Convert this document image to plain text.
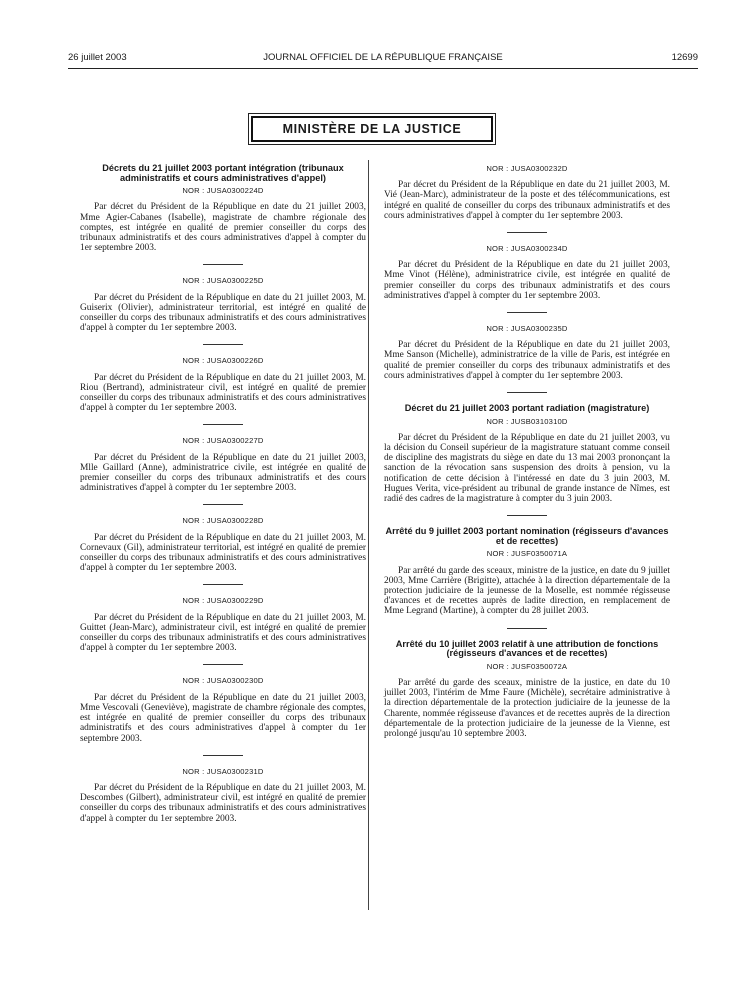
26 juillet 2003	JOURNAL OFFICIEL DE LA RÉPUBLIQUE FRANÇAISE	12699
MINISTÈRE DE LA JUSTICE
Décrets du 21 juillet 2003 portant intégration (tribunaux administratifs et cours administratives d'appel)
NOR : JUSA0300224D

Par décret du Président de la République en date du 21 juillet 2003, Mme Agier-Cabanes (Isabelle), magistrate de chambre régionale des comptes, est intégrée en qualité de premier conseiller du corps des tribunaux administratifs et des cours administratives d'appel à compter du 1er septembre 2003.

NOR : JUSA0300225D

Par décret du Président de la République en date du 21 juillet 2003, M. Guiserix (Olivier), administrateur territorial, est intégré en qualité de conseiller du corps des tribunaux administratifs et des cours administratives d'appel à compter du 1er septembre 2003.

NOR : JUSA0300226D

Par décret du Président de la République en date du 21 juillet 2003, M. Riou (Bertrand), administrateur civil, est intégré en qualité de premier conseiller du corps des tribunaux administratifs et des cours administratives d'appel à compter du 1er septembre 2003.

NOR : JUSA0300227D

Par décret du Président de la République en date du 21 juillet 2003, Mlle Gaillard (Anne), administratrice civile, est intégrée en qualité de premier conseiller du corps des tribunaux administratifs et des cours administratives d'appel à compter du 1er septembre 2003.

NOR : JUSA0300228D

Par décret du Président de la République en date du 21 juillet 2003, M. Cornevaux (Gil), administrateur territorial, est intégré en qualité de premier conseiller du corps des tribunaux administratifs et des cours administratives d'appel à compter du 1er septembre 2003.

NOR : JUSA0300229D

Par décret du Président de la République en date du 21 juillet 2003, M. Guittet (Jean-Marc), administrateur civil, est intégré en qualité de premier conseiller du corps des tribunaux administratifs et des cours administratives d'appel à compter du 1er septembre 2003.

NOR : JUSA0300230D

Par décret du Président de la République en date du 21 juillet 2003, Mme Vescovali (Geneviève), magistrate de chambre régionale des comptes, est intégrée en qualité de premier conseiller du corps des tribunaux administratifs et des cours administratives d'appel à compter du 1er septembre 2003.

NOR : JUSA0300231D

Par décret du Président de la République en date du 21 juillet 2003, M. Descombes (Gilbert), administrateur civil, est intégré en qualité de premier conseiller du corps des tribunaux administratifs et des cours administratives d'appel à compter du 1er septembre 2003.

NOR : JUSA0300232D

Par décret du Président de la République en date du 21 juillet 2003, M. Vié (Jean-Marc), administrateur de la poste et des télécommunications, est intégré en qualité de conseiller du corps des tribunaux administratifs et des cours administratives d'appel à compter du 1er septembre 2003.

NOR : JUSA0300234D

Par décret du Président de la République en date du 21 juillet 2003, Mme Vinot (Hélène), administratrice civile, est intégrée en qualité de premier conseiller du corps des tribunaux administratifs et des cours administratives d'appel à compter du 1er septembre 2003.

NOR : JUSA0300235D

Par décret du Président de la République en date du 21 juillet 2003, Mme Sanson (Michelle), administratrice de la ville de Paris, est intégrée en qualité de premier conseiller du corps des tribunaux administratifs et des cours administratives d'appel à compter du 1er septembre 2003.

Décret du 21 juillet 2003 portant radiation (magistrature)
NOR : JUSB0310310D

Par décret du Président de la République en date du 21 juillet 2003, vu la décision du Conseil supérieur de la magistrature statuant comme conseil de discipline des magistrats du siège en date du 13 mai 2003 prononçant la sanction de la révocation sans suspension des droits à pension, vu la notification de cette décision à l'intéressé en date du 3 juin 2003, M. Hugues Verita, vice-président au tribunal de grande instance de Nîmes, est radié des cadres de la magistrature à compter du 3 juin 2003.

Arrêté du 9 juillet 2003 portant nomination (régisseurs d'avances et de recettes)
NOR : JUSF0350071A

Par arrêté du garde des sceaux, ministre de la justice, en date du 9 juillet 2003, Mme Carrière (Brigitte), attachée à la direction départementale de la protection judiciaire de la jeunesse de la Moselle, est nommée régisseuse d'avances et de recettes auprès de ladite direction, en remplacement de Mme Legrand (Martine), à compter du 28 juillet 2003.

Arrêté du 10 juillet 2003 relatif à une attribution de fonctions (régisseurs d'avances et de recettes)
NOR : JUSF0350072A

Par arrêté du garde des sceaux, ministre de la justice, en date du 10 juillet 2003, l'intérim de Mme Faure (Michèle), secrétaire administrative à la direction départementale de la protection judiciaire de la jeunesse de la Charente, nommée régisseuse d'avances et de recettes auprès de la direction départementale de la protection judiciaire de la jeunesse de la Vienne, est prolongé jusqu'au 10 septembre 2003.
